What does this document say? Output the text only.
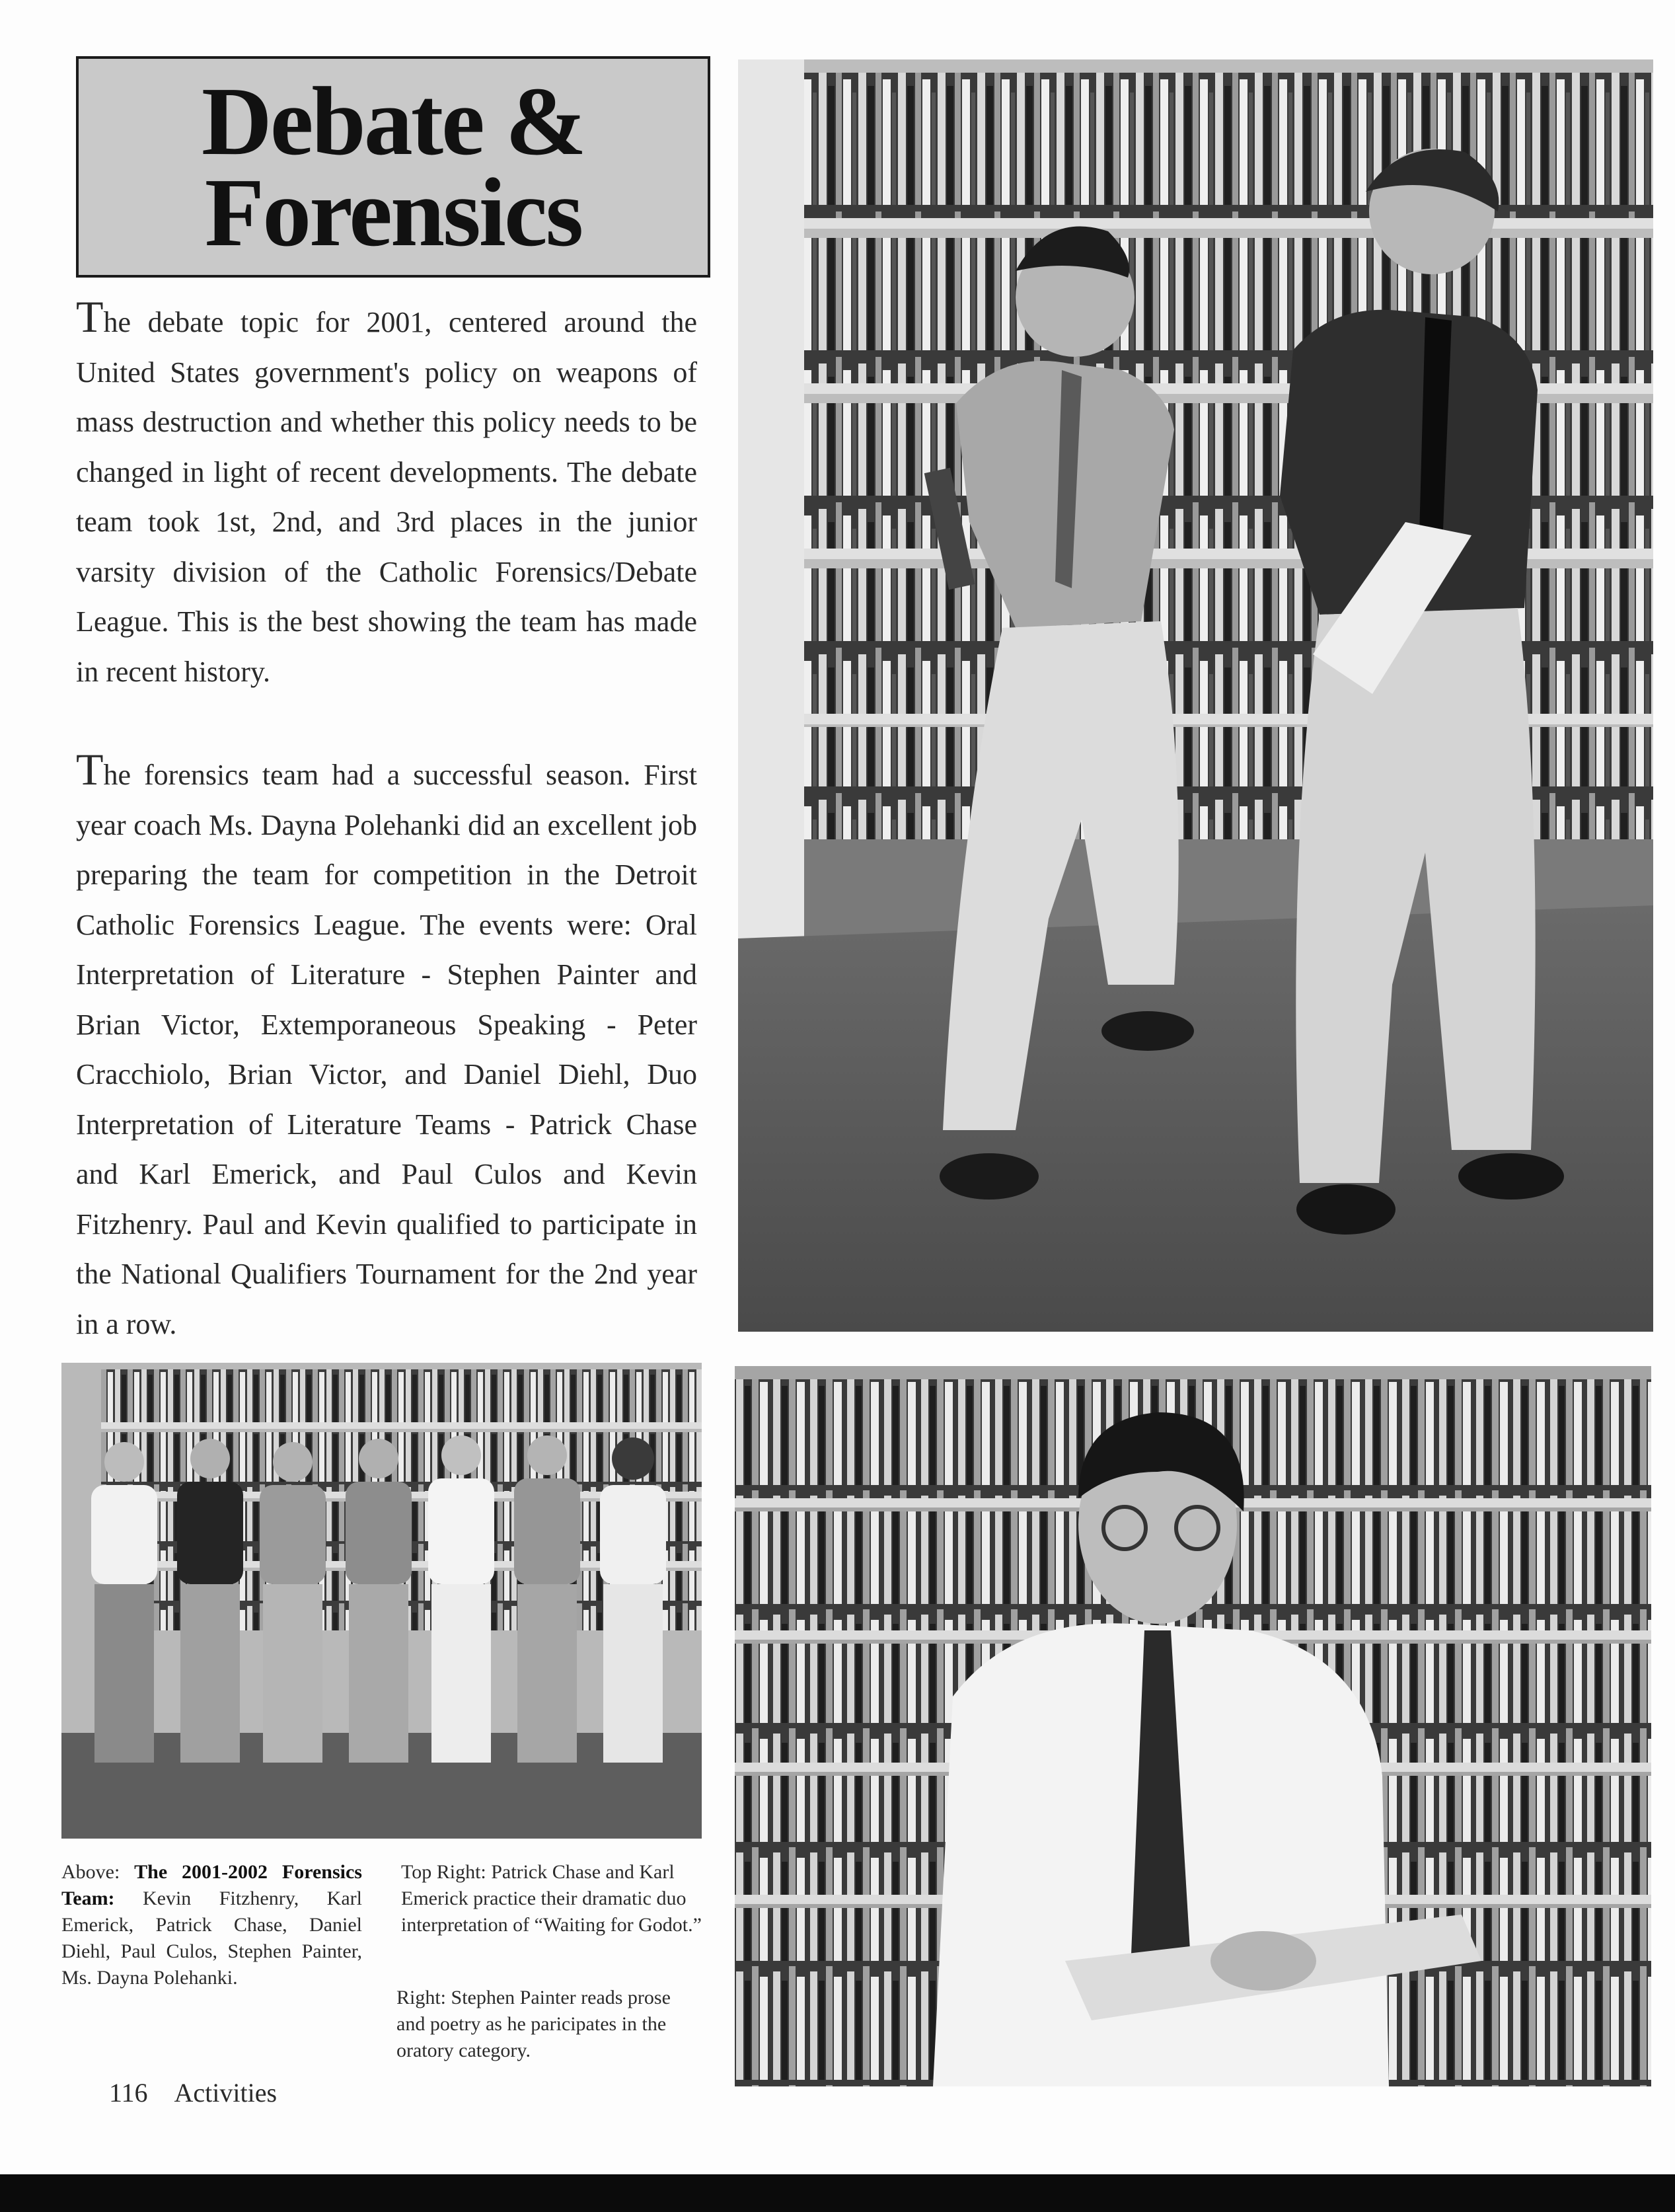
Debate &
Forensics

The debate topic for 2001, centered around the United States government's policy on weapons of mass destruction and whether this policy needs to be changed in light of recent developments. The debate team took 1st, 2nd, and 3rd places in the junior varsity division of the Catholic Forensics/Debate League. This is the best showing the team has made in recent history.

The forensics team had a successful season. First year coach Ms. Dayna Polehanki did an excellent job preparing the team for competition in the Detroit Catholic Forensics League. The events were: Oral Interpretation of Literature - Stephen Painter and Brian Victor, Extemporaneous Speaking - Peter Cracchiolo, Brian Victor, and Daniel Diehl, Duo Interpretation of Literature Teams - Patrick Chase and Karl Emerick, and Paul Culos and Kevin Fitzhenry. Paul and Kevin qualified to participate in the National Qualifiers Tournament for the 2nd year in a row.

Above: The 2001-2002 Forensics Team: Kevin Fitzhenry, Karl Emerick, Patrick Chase, Daniel Diehl, Paul Culos, Stephen Painter, Ms. Dayna Polehanki.

Top Right: Patrick Chase and Karl Emerick practice their dramatic duo interpretation of “Waiting for Godot.”

Right: Stephen Painter reads prose and poetry as he paricipates in the oratory category.

116 Activities
